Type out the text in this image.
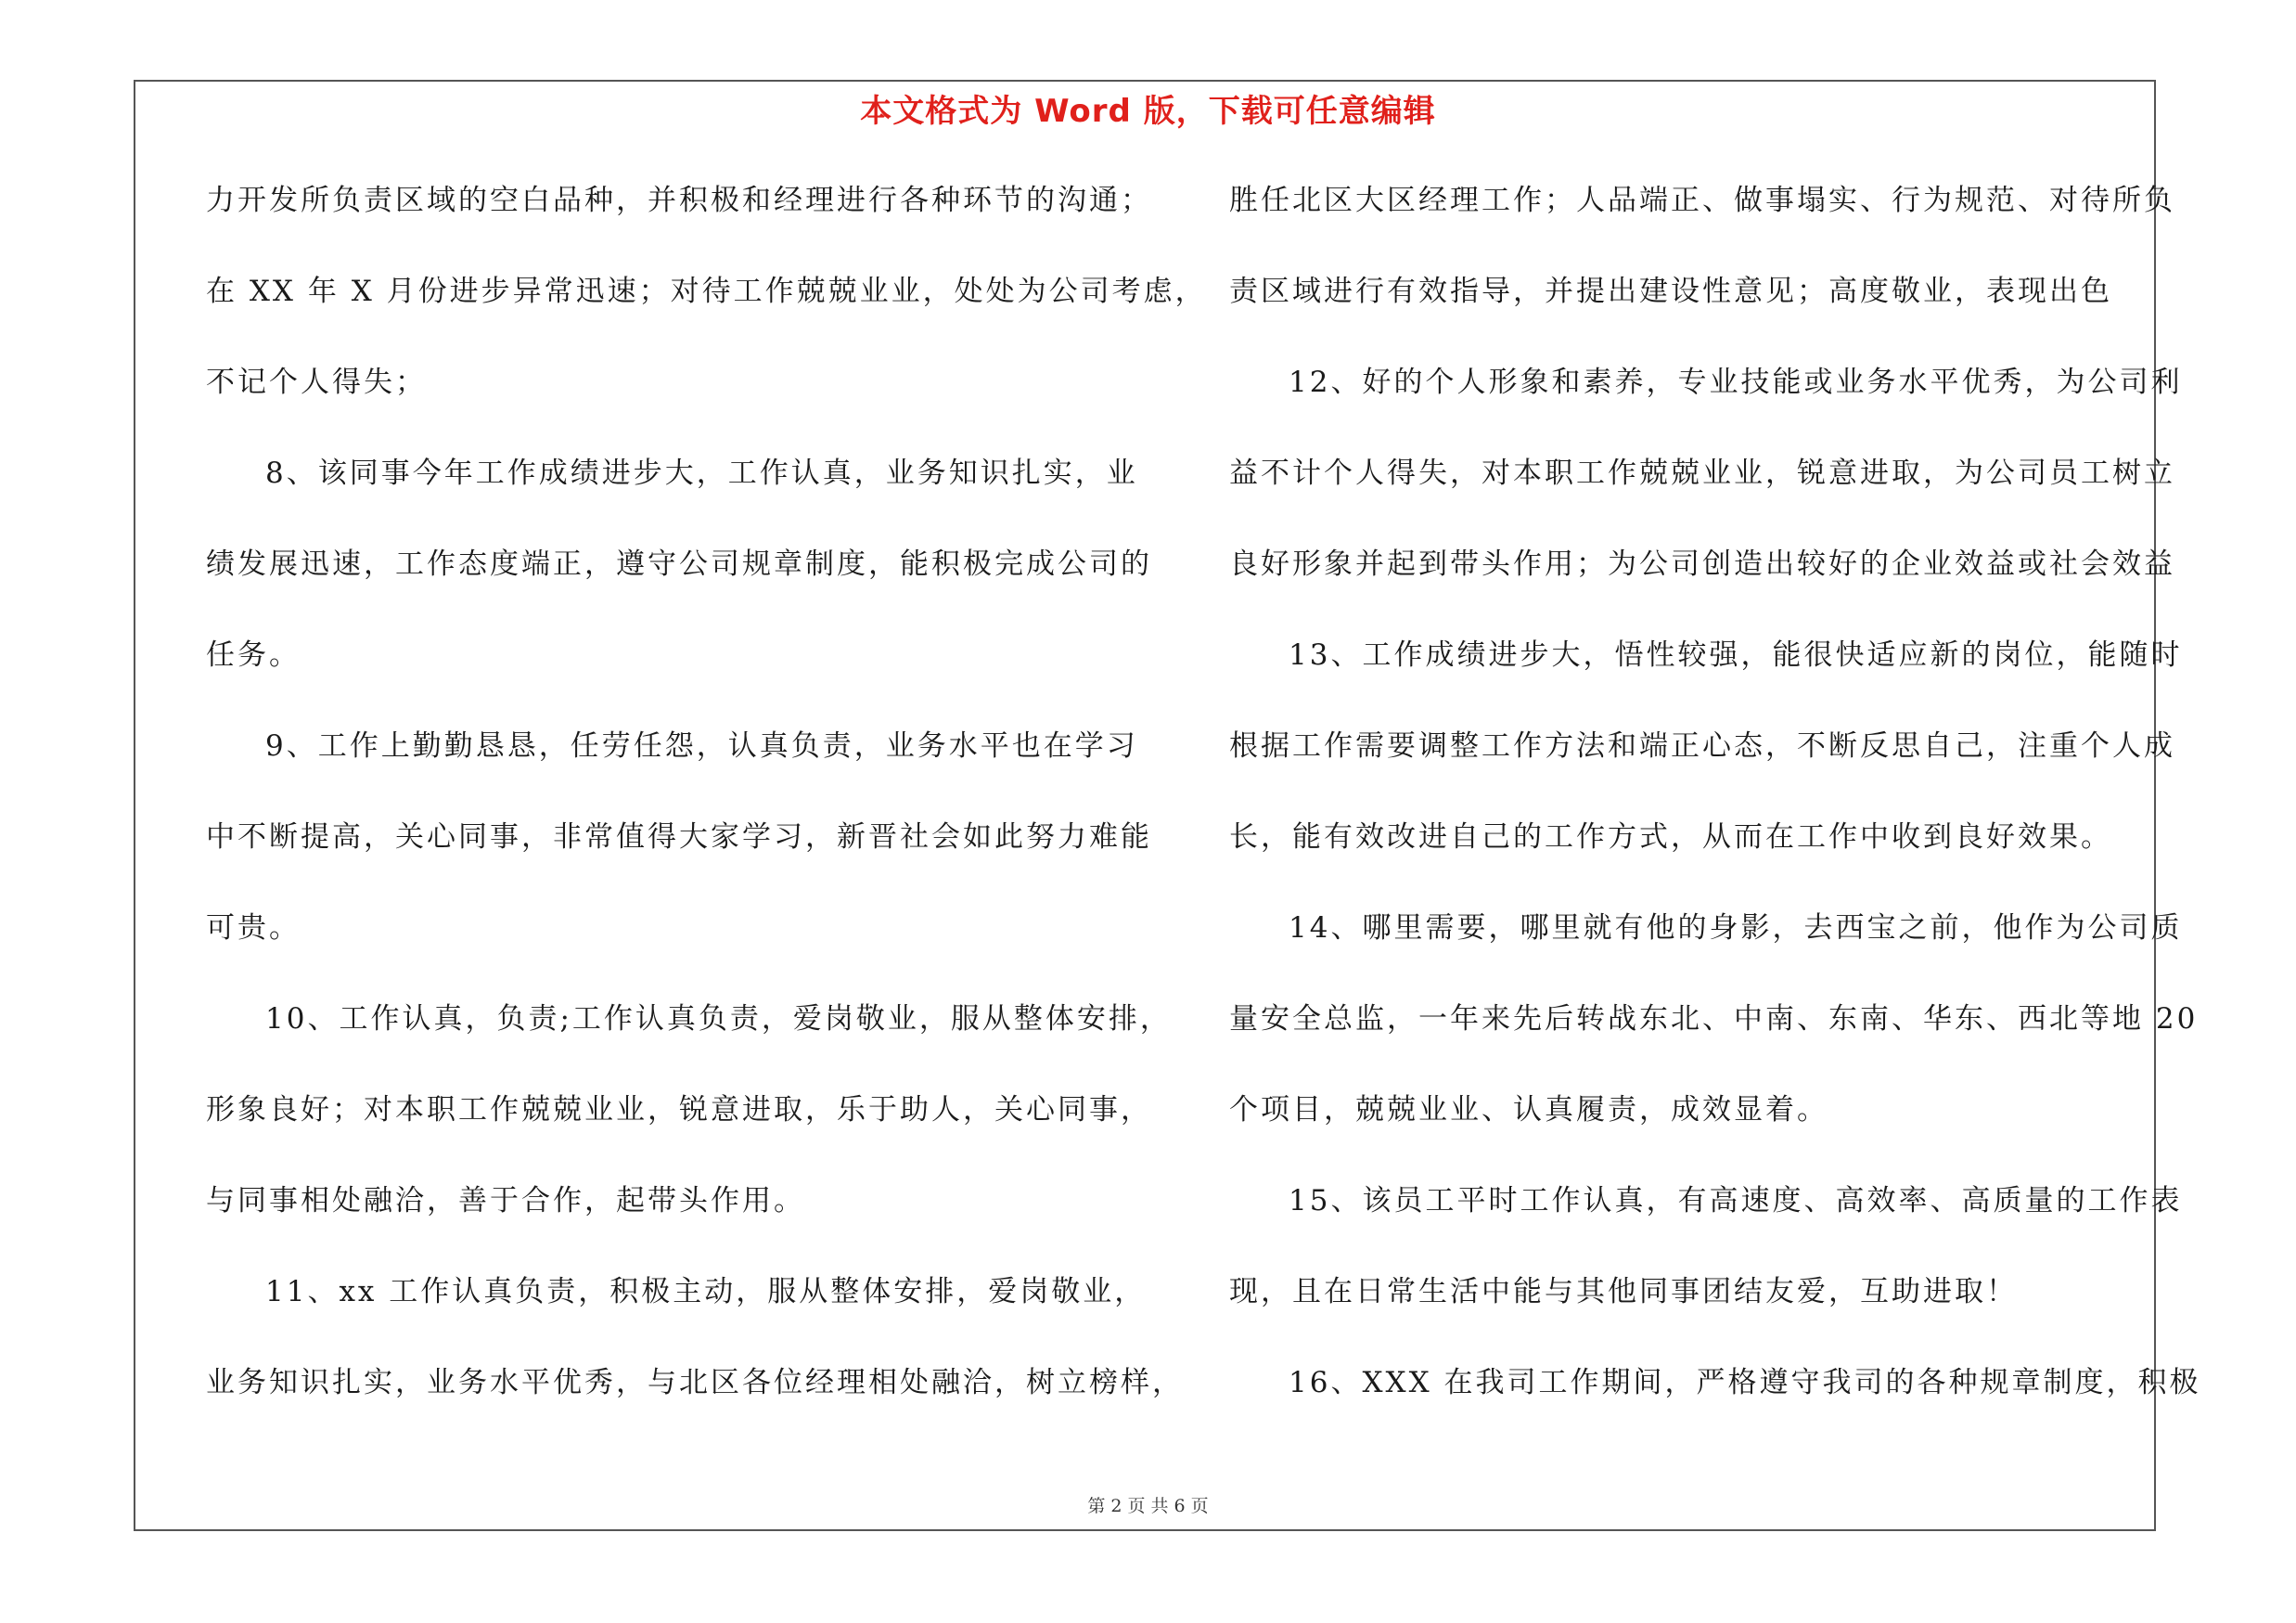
本文格式为 Word 版，下载可任意编辑
力开发所负责区域的空白品种，并积极和经理进行各种环节的沟通；
在 XX 年 X 月份进步异常迅速；对待工作兢兢业业，处处为公司考虑，
不记个人得失；
8、该同事今年工作成绩进步大，工作认真，业务知识扎实，业
绩发展迅速，工作态度端正，遵守公司规章制度，能积极完成公司的
任务。
9、工作上勤勤恳恳，任劳任怨，认真负责，业务水平也在学习
中不断提高，关心同事，非常值得大家学习，新晋社会如此努力难能
可贵。
10、工作认真，负责;工作认真负责，爱岗敬业，服从整体安排，
形象良好；对本职工作兢兢业业，锐意进取，乐于助人，关心同事，
与同事相处融洽，善于合作，起带头作用。
11、xx 工作认真负责，积极主动，服从整体安排，爱岗敬业，
业务知识扎实，业务水平优秀，与北区各位经理相处融洽，树立榜样，
胜任北区大区经理工作；人品端正、做事塌实、行为规范、对待所负
责区域进行有效指导，并提出建设性意见；高度敬业，表现出色
12、好的个人形象和素养，专业技能或业务水平优秀，为公司利
益不计个人得失，对本职工作兢兢业业，锐意进取，为公司员工树立
良好形象并起到带头作用；为公司创造出较好的企业效益或社会效益
13、工作成绩进步大，悟性较强，能很快适应新的岗位，能随时
根据工作需要调整工作方法和端正心态，不断反思自己，注重个人成
长，能有效改进自己的工作方式，从而在工作中收到良好效果。
14、哪里需要，哪里就有他的身影，去西宝之前，他作为公司质
量安全总监，一年来先后转战东北、中南、东南、华东、西北等地 20
个项目，兢兢业业、认真履责，成效显着。
15、该员工平时工作认真，有高速度、高效率、高质量的工作表
现，且在日常生活中能与其他同事团结友爱，互助进取！
16、XXX 在我司工作期间，严格遵守我司的各种规章制度，积极
第 2 页 共 6 页
